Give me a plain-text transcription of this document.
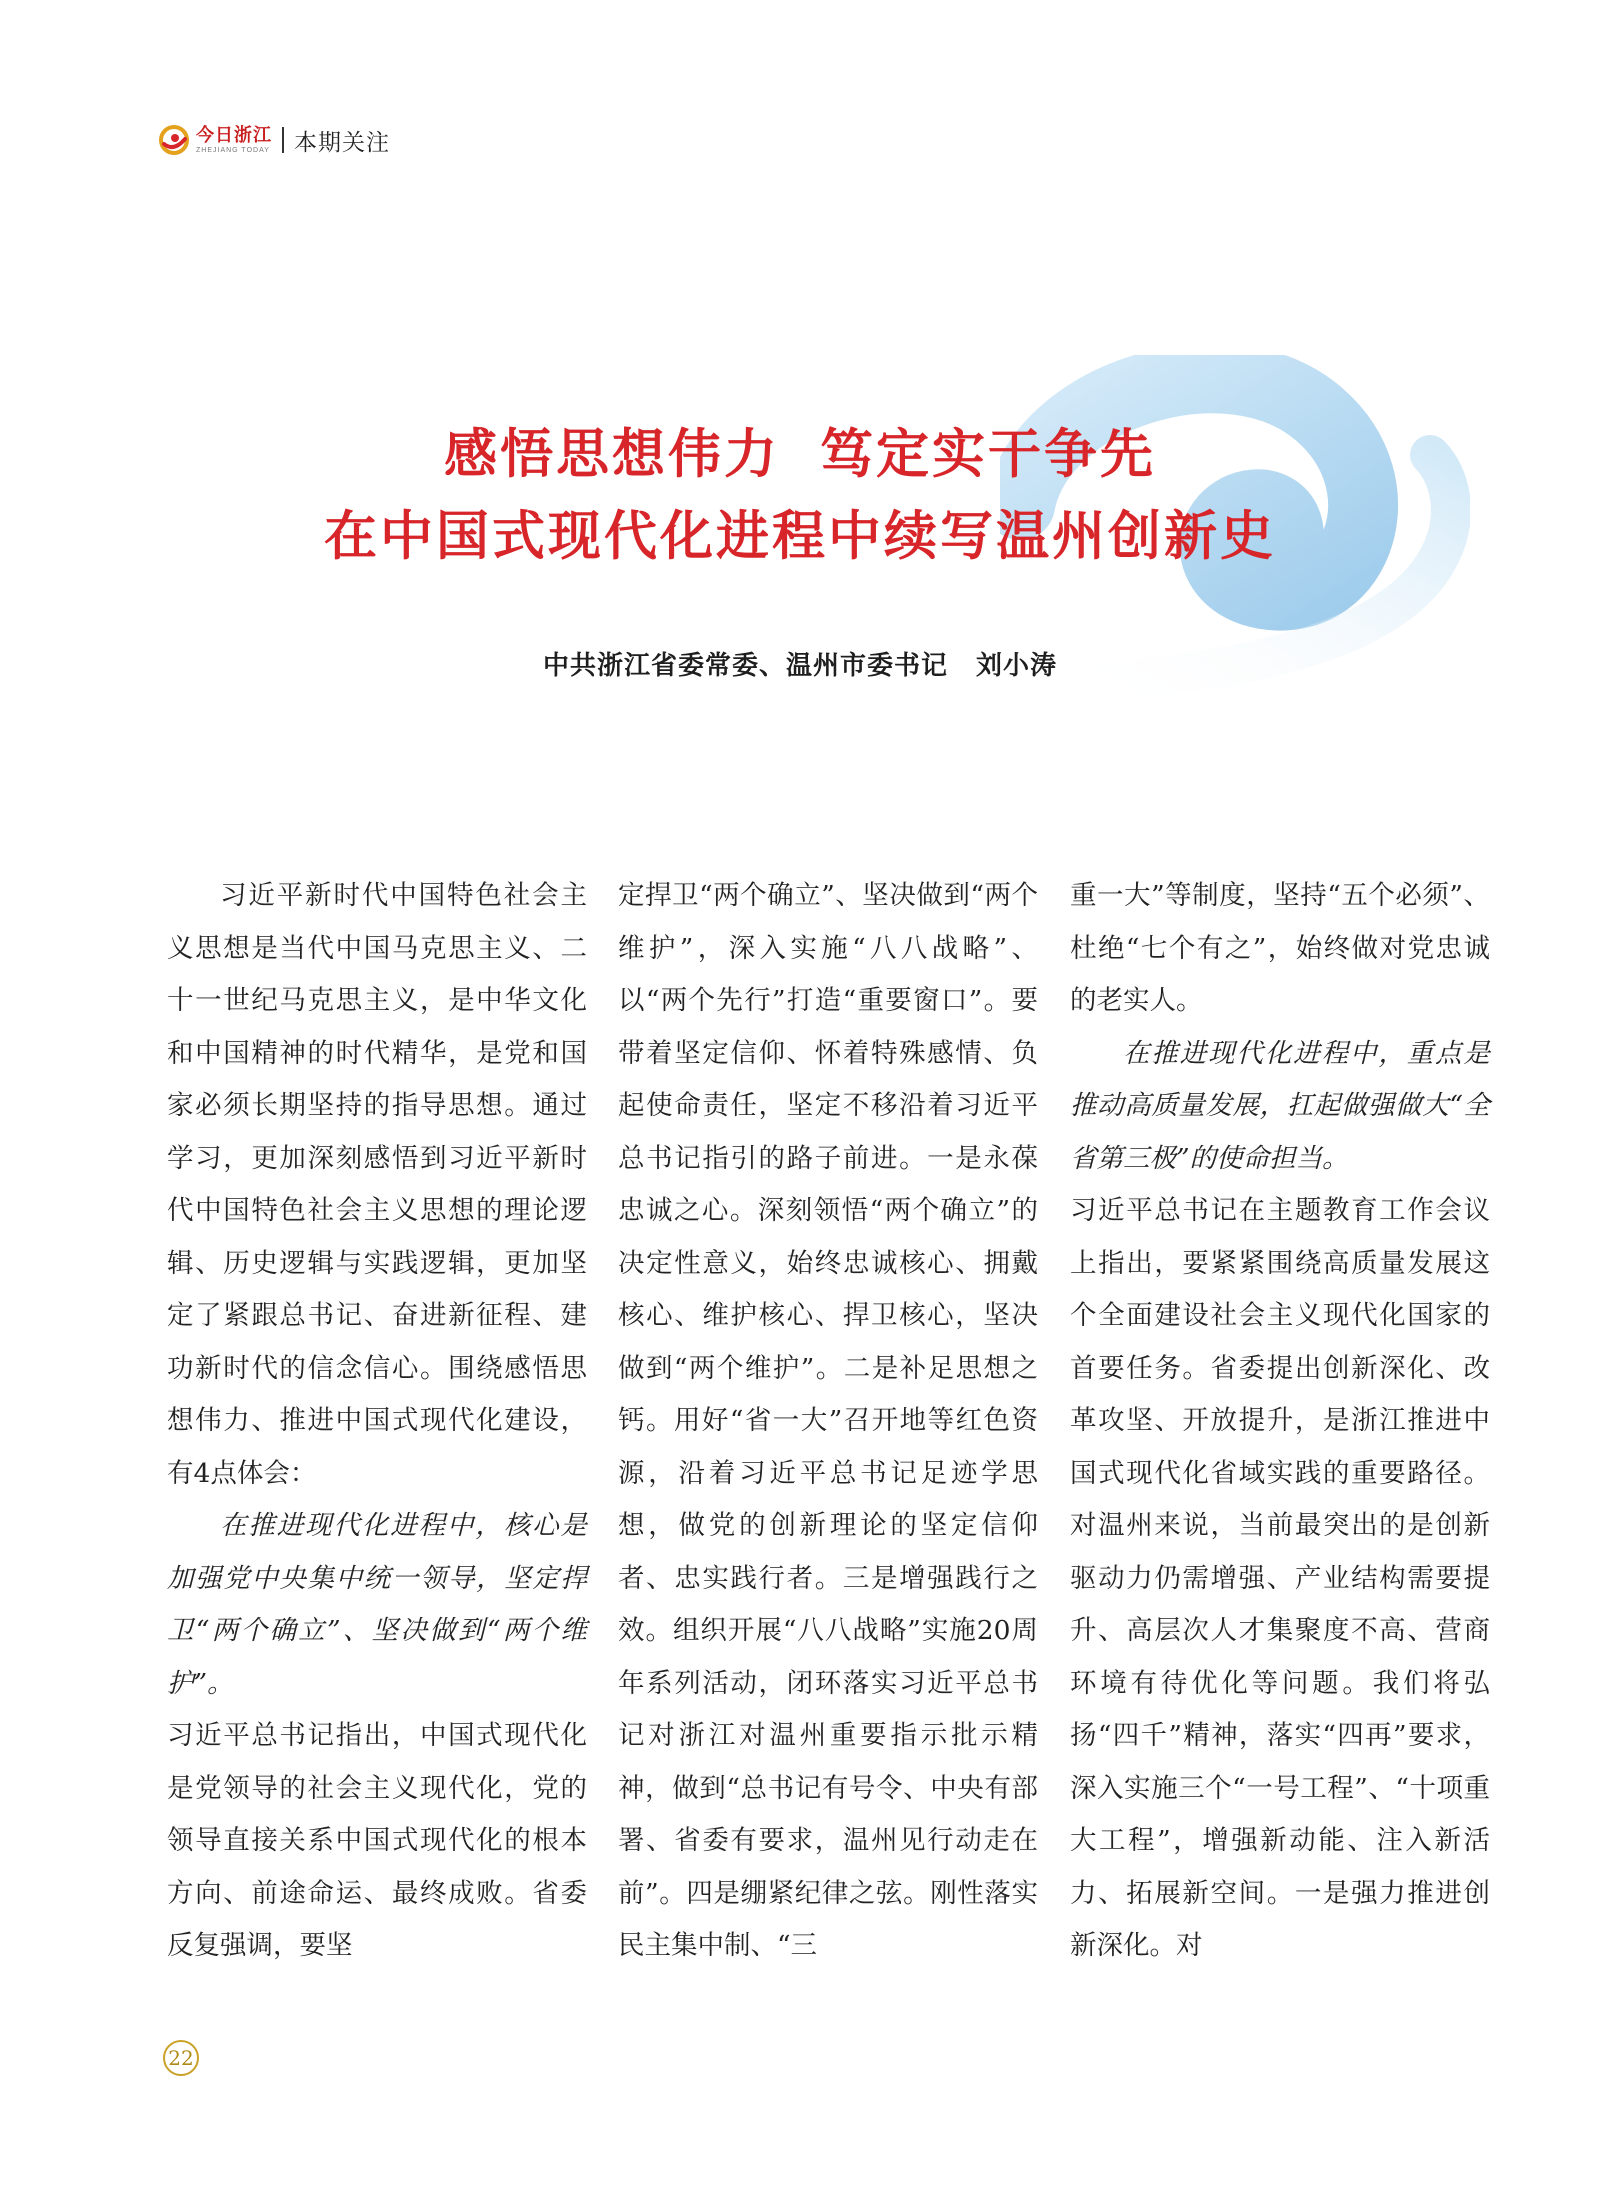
今日浙江
ZHEJIANG TODAY 本期关注
感悟思想伟力 笃定实干争先
在中国式现代化进程中续写温州创新史
中共浙江省委常委、温州市委书记 刘小涛

习近平新时代中国特色社会主义思想是当代中国马克思主义、二十一世纪马克思主义，是中华文化和中国精神的时代精华，是党和国家必须长期坚持的指导思想。通过学习，更加深刻感悟到习近平新时代中国特色社会主义思想的理论逻辑、历史逻辑与实践逻辑，更加坚定了紧跟总书记、奋进新征程、建功新时代的信念信心。围绕感悟思想伟力、推进中国式现代化建设，有4点体会：

在推进现代化进程中，核心是加强党中央集中统一领导，坚定捍卫“两个确立”、坚决做到“两个维护”。

习近平总书记指出，中国式现代化是党领导的社会主义现代化，党的领导直接关系中国式现代化的根本方向、前途命运、最终成败。省委反复强调，要坚

定捍卫“两个确立”、坚决做到“两个维护”，深入实施“八八战略”、以“两个先行”打造“重要窗口”。要带着坚定信仰、怀着特殊感情、负起使命责任，坚定不移沿着习近平总书记指引的路子前进。一是永葆忠诚之心。深刻领悟“两个确立”的决定性意义，始终忠诚核心、拥戴核心、维护核心、捍卫核心，坚决做到“两个维护”。二是补足思想之钙。用好“省一大”召开地等红色资源，沿着习近平总书记足迹学思想，做党的创新理论的坚定信仰者、忠实践行者。三是增强践行之效。组织开展“八八战略”实施20周年系列活动，闭环落实习近平总书记对浙江对温州重要指示批示精神，做到“总书记有号令、中央有部署、省委有要求，温州见行动走在前”。四是绷紧纪律之弦。刚性落实民主集中制、“三

重一大”等制度，坚持“五个必须”、杜绝“七个有之”，始终做对党忠诚的老实人。

在推进现代化进程中，重点是推动高质量发展，扛起做强做大“全省第三极”的使命担当。

习近平总书记在主题教育工作会议上指出，要紧紧围绕高质量发展这个全面建设社会主义现代化国家的首要任务。省委提出创新深化、改革攻坚、开放提升，是浙江推进中国式现代化省域实践的重要路径。对温州来说，当前最突出的是创新驱动力仍需增强、产业结构需要提升、高层次人才集聚度不高、营商环境有待优化等问题。我们将弘扬“四千”精神，落实“四再”要求，深入实施三个“一号工程”、“十项重大工程”，增强新动能、注入新活力、拓展新空间。一是强力推进创新深化。对

22
